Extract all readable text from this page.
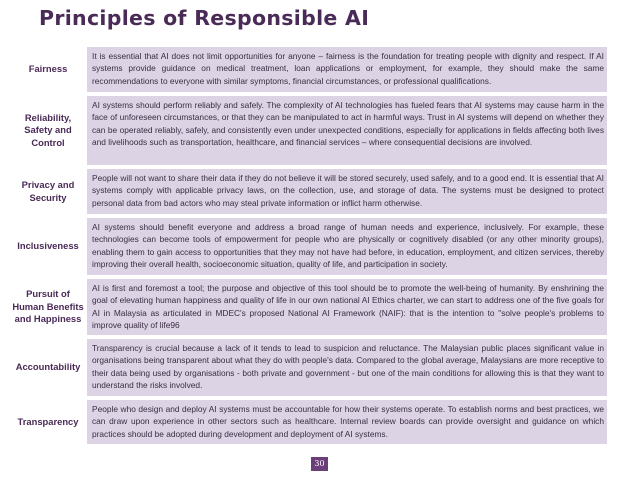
Principles of Responsible AI
Fairness
It is essential that AI does not limit opportunities for anyone – fairness is the foundation for treating people with dignity and respect. If AI systems provide guidance on medical treatment, loan applications or employment, for example, they should make the same recommendations to everyone with similar symptoms, financial circumstances, or professional qualifications.
Reliability, Safety and Control
AI systems should perform reliably and safely. The complexity of AI technologies has fueled fears that AI systems may cause harm in the face of unforeseen circumstances, or that they can be manipulated to act in harmful ways. Trust in AI systems will depend on whether they can be operated reliably, safely, and consistently even under unexpected conditions, especially for applications in fields affecting both lives and livelihoods such as transportation, healthcare, and financial services – where consequential decisions are involved.
Privacy and Security
People will not want to share their data if they do not believe it will be stored securely, used safely, and to a good end. It is essential that AI systems comply with applicable privacy laws, on the collection, use, and storage of data. The systems must be designed to protect personal data from bad actors who may steal private information or inflict harm otherwise.
Inclusiveness
AI systems should benefit everyone and address a broad range of human needs and experience, inclusively. For example, these technologies can become tools of empowerment for people who are physically or cognitively disabled (or any other minority groups), enabling them to gain access to opportunities that they may not have had before, in education, employment, and citizen services, thereby improving their overall health, socioeconomic situation, quality of life, and participation in society.
Pursuit of Human Benefits and Happiness
AI is first and foremost a tool; the purpose and objective of this tool should be to promote the well-being of humanity. By enshrining the goal of elevating human happiness and quality of life in our own national AI Ethics charter, we can start to address one of the five goals for AI in Malaysia as articulated in MDEC's proposed National AI Framework (NAIF): that is the intention to "solve people's problems to improve quality of life96
Accountability
Transparency is crucial because a lack of it tends to lead to suspicion and reluctance. The Malaysian public places significant value in organisations being transparent about what they do with people's data. Compared to the global average, Malaysians are more receptive to their data being used by organisations - both private and government - but one of the main conditions for allowing this is that they want to understand the risks involved.
Transparency
People who design and deploy AI systems must be accountable for how their systems operate. To establish norms and best practices, we can draw upon experience in other sectors such as healthcare. Internal review boards can provide oversight and guidance on which practices should be adopted during development and deployment of AI systems.
30
